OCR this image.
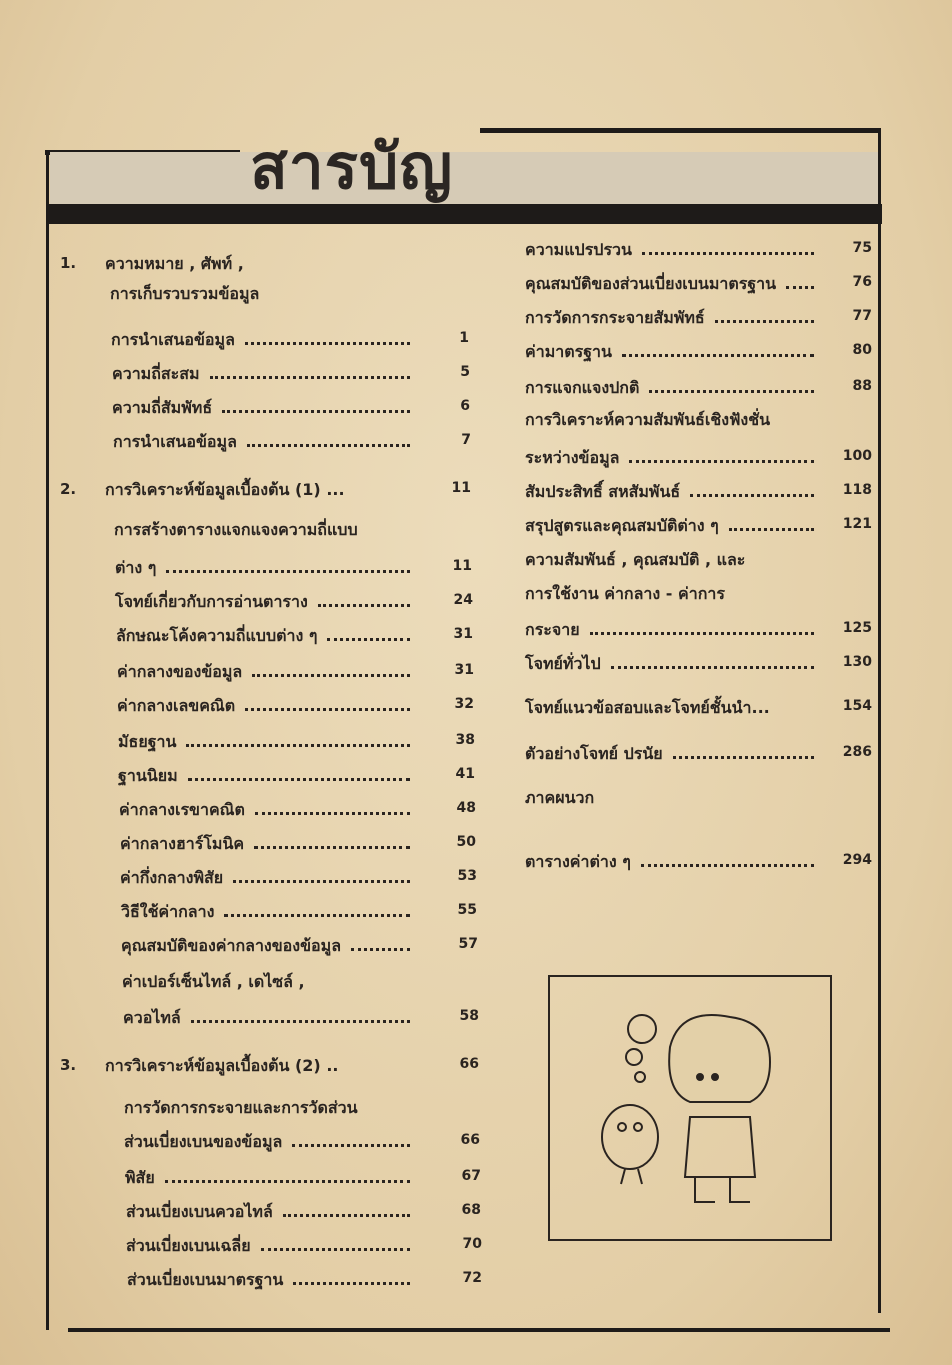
สารบัญ
1. ความหมาย , ศัพท์ ,
การเก็บรวบรวมข้อมูล
การนำเสนอข้อมูล	1
ความถี่สะสม	5
ความถี่สัมพัทธ์	6
การนำเสนอข้อมูล	7
2. การวิเคราะห์ข้อมูลเบื้องต้น (1) ...	11
การสร้างตารางแจกแจงความถี่แบบ
ต่าง ๆ	11
โจทย์เกี่ยวกับการอ่านตาราง	24
ลักษณะโค้งความถี่แบบต่าง ๆ	31
ค่ากลางของข้อมูล	31
ค่ากลางเลขคณิต	32
มัธยฐาน	38
ฐานนิยม	41
ค่ากลางเรขาคณิต	48
ค่ากลางฮาร์โมนิค	50
ค่ากึ่งกลางพิสัย	53
วิธีใช้ค่ากลาง	55
คุณสมบัติของค่ากลางของข้อมูล	57
ค่าเปอร์เซ็นไทล์ , เดไซล์ ,
ควอไทล์	58
3. การวิเคราะห์ข้อมูลเบื้องต้น (2) ..	66
การวัดการกระจายและการวัดส่วน
ส่วนเบี่ยงเบนของข้อมูล	66
พิสัย	67
ส่วนเบี่ยงเบนควอไทล์	68
ส่วนเบี่ยงเบนเฉลี่ย	70
ส่วนเบี่ยงเบนมาตรฐาน	72
ความแปรปรวน	75
คุณสมบัติของส่วนเบี่ยงเบนมาตรฐาน	76
การวัดการกระจายสัมพัทธ์	77
ค่ามาตรฐาน	80
การแจกแจงปกติ	88
การวิเคราะห์ความสัมพันธ์เชิงฟังชั่น
ระหว่างข้อมูล	100
สัมประสิทธิ์ สหสัมพันธ์	118
สรุปสูตรและคุณสมบัติต่าง ๆ	121
ความสัมพันธ์ , คุณสมบัติ , และ
การใช้งาน ค่ากลาง - ค่าการ
กระจาย	125
โจทย์ทั่วไป	130
โจทย์แนวข้อสอบและโจทย์ชั้นนำ...	154
ตัวอย่างโจทย์ ปรนัย	286
ภาคผนวก
ตารางค่าต่าง ๆ	294
